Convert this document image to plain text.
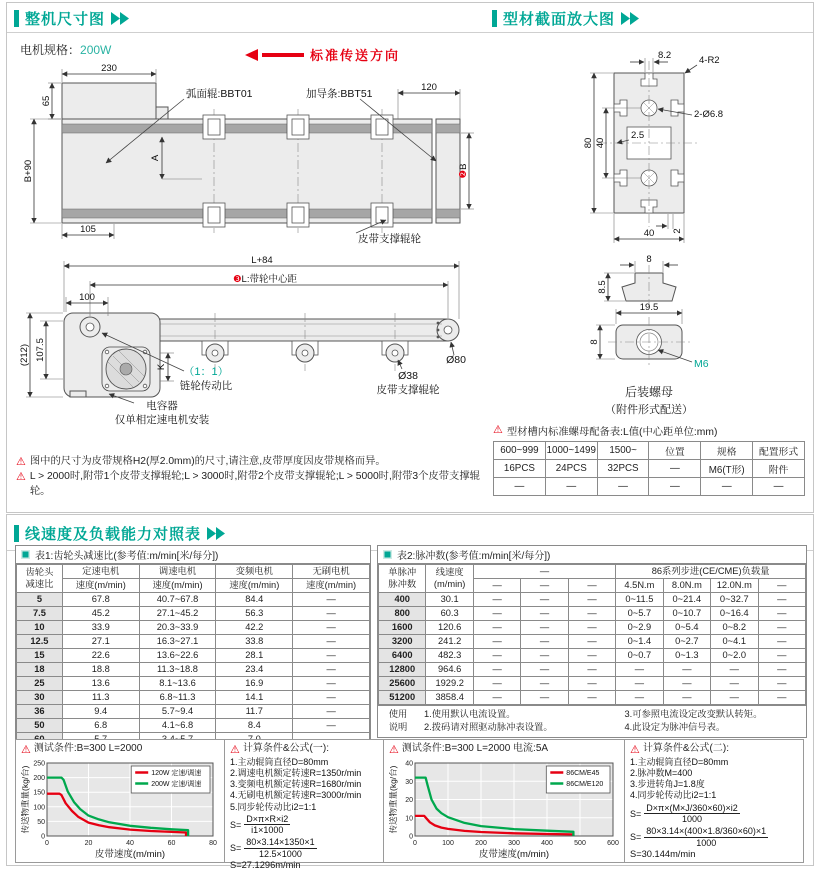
整机尺寸图
电机规格：200W	标准传送方向
230
65
B+90
105
120
A
❷B
弧面辊:BBT01	加导条:BBT51
皮带支撑辊轮
L+84
❸L:带轮中心距
100
(212) 107.5
K （1：1）
链轮传动比
电容器
仅单相定速电机安装
Ø80
Ø38
皮带支撑辊轮
⚠ 图中的尺寸为皮带规格H2(厚2.0mm)的尺寸,请注意,皮带厚度因皮带规格而异。
⚠ L > 2000时,附带1个皮带支撑辊轮;L > 3000时,附带2个皮带支撑辊轮;L > 5000时,附带3个皮带支撑辊轮。
型材截面放大图
8.2	4-R2
2-Ø6.8
2.5
80 40
40 2
8
8.5
19.5
8
M6
后装螺母
（附件形式配送）
⚠ 型材槽内标准螺母配备表:L值(中心距单位:mm)
600~999	1000~1499	1500~	位置	规格	配置形式
16PCS	24PCS	32PCS	—	M6(T形)	附件
—	—	—	—	—	—
线速度及负载能力对照表
表1:齿轮头减速比(参考值:m/min[米/每分])
齿轮头
减速比	定速电机	调速电机	变频电机	无刷电机
	速度(m/min)	速度(m/min)	速度(m/min)	速度(m/min)
5	67.8	40.7~67.8	84.4	—
7.5	45.2	27.1~45.2	56.3	—
10	33.9	20.3~33.9	42.2	—
12.5	27.1	16.3~27.1	33.8	—
15	22.6	13.6~22.6	28.1	—
18	18.8	11.3~18.8	23.4	—
25	13.6	8.1~13.6	16.9	—
30	11.3	6.8~11.3	14.1	—
36	9.4	5.7~9.4	11.7	—
50	6.8	4.1~6.8	8.4	—

表2:脉冲数(参考值:m/min[米/每分])
单脉冲
脉冲数	线速度
(m/min)	—			86系列步进(CE/CME)负载量			
		—	—	—	4.5N.m	8.0N.m	12.0N.m	—
400	30.1	—	—	—	0~11.5	0~21.4	0~32.7	—
800	60.3	—	—	—	0~5.7	0~10.7	0~16.4	—
1600	120.6	—	—	—	0~2.9	0~5.4	0~8.2	—
3200	241.2	—	—	—	0~1.4	0~2.7	0~4.1	—
6400	482.3	—	—	—	0~0.7	0~1.3	0~2.0	—
12800	964.6	—	—	—	—	—	—	—
25600	1929.2	—	—	—	—	—	—	—
51200	3858.4	—	—	—	—	—	—	—
使用
说明
1.使用默认电流设置。
2.拨码请对照驱动脉冲表设置。
3.可参照电流设定改变默认转矩。
4.此设定为脉冲信号表。
⚠ 测试条件:B=300 L=2000
0	20	40	60	80
0
50
100
150
200
250
120W 定速/调速
200W 定速/调速
皮带速度(m/min)
传送物重量(kg/台)
⚠ 计算条件&公式(一):
1.主动辊筒直径D=80mm
2.调速电机额定转速R=1350r/min
3.变频电机额定转速R=1680r/min
4.无刷电机额定转速R=3000r/min
5.同步轮传动比i2=1:1
$S= \frac{D\times\pi\times R\times i2}{i1\times 1000}$
$S= \frac{80\times 3.14\times 1350\times 1}{12.5\times 1000}$
S=27.1296m/min
⚠ 测试条件:B=300 L=2000 电流:5A
0	100	200	300	400	500	600
0
10
20
30
40
86CM/E45
86CM/E120
皮带速度(m/min)
传送物重量(kg/台)
⚠ 计算条件&公式(二):
1.主动辊筒直径D=80mm
2.脉冲数M=400
3.步进转角J=1.8度
4.同步轮传动比i2=1:1
$S= \frac{D\times\pi\times(M\times J/360\times 60)\times i2}{1000}$
$S= \frac{80\times 3.14\times(400\times 1.8/360\times 60)\times 1}{1000}$
S=30.144m/min
